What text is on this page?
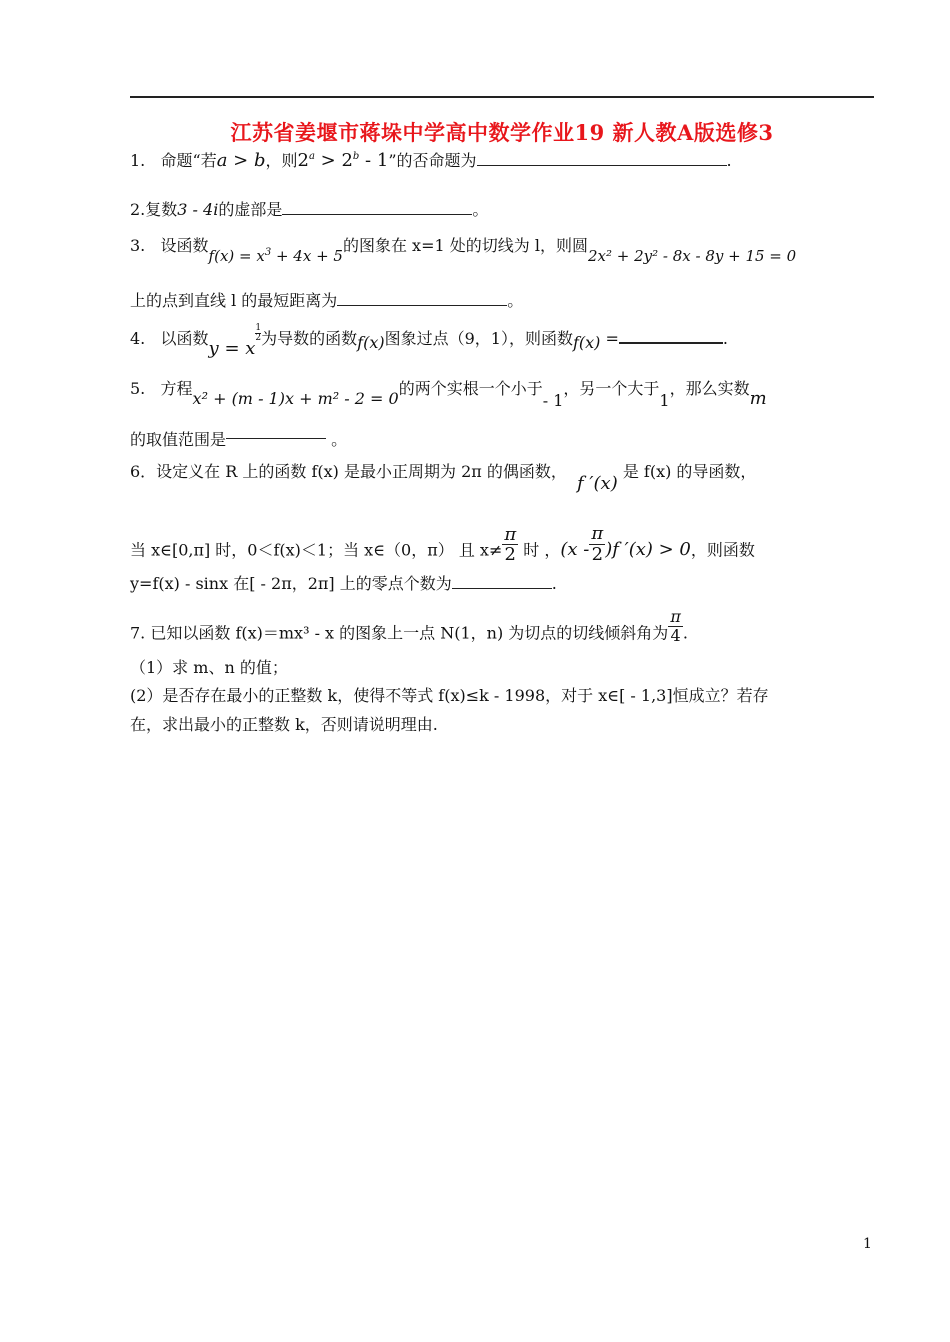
江苏省姜堰市蒋垛中学高中数学作业19 新人教A版选修3
1. 命题“若a > b，则$2^a > 2^b - 1$”的否命题为	.
2.复数3 - 4i的虚部是	。
3. 设函数$f(x) = x^3 + 4x + 5$的图象在 x=1 处的切线为 l，则圆2x² + 2y² - 8x - 8y + 15 = 0
上的点到直线 l 的最短距离为	。
4. 以函数y = x
$\frac{1}{2}$ 为导数的函数f(x)图象过点（9，1），则函数f(x) =	.
5. 方程x² + (m - 1)x + m² - 2 = 0的两个实根一个小于- 1，另一个大于1，那么实数m
的取值范围是	。
6．设定义在 R 上的函数 f(x) 是最小正周期为 2π 的偶函数，  f ′(x) 是 f(x) 的导函数，
当 x∈[0,π] 时，0＜f(x)＜1；当 x∈（0，π） 且 $x\ne \frac{\pi}{2}$ 时 ，$(x - \frac{\pi}{2} )f$ ′(x) > 0，则函数
y=f(x) - sinx 在[ - 2π，2π] 上的零点个数为	.
7. 已知以函数 f(x)＝mx³ - x 的图象上一点 N(1，n) 为切点的切线倾斜角为 $\frac{\pi}{4}$ .
（1）求 m、n 的值；
(2）是否存在最小的正整数 k，使得不等式 f(x)≤k - 1998，对于 x∈[ - 1,3]恒成立？若存
在，求出最小的正整数 k，否则请说明理由.
1
